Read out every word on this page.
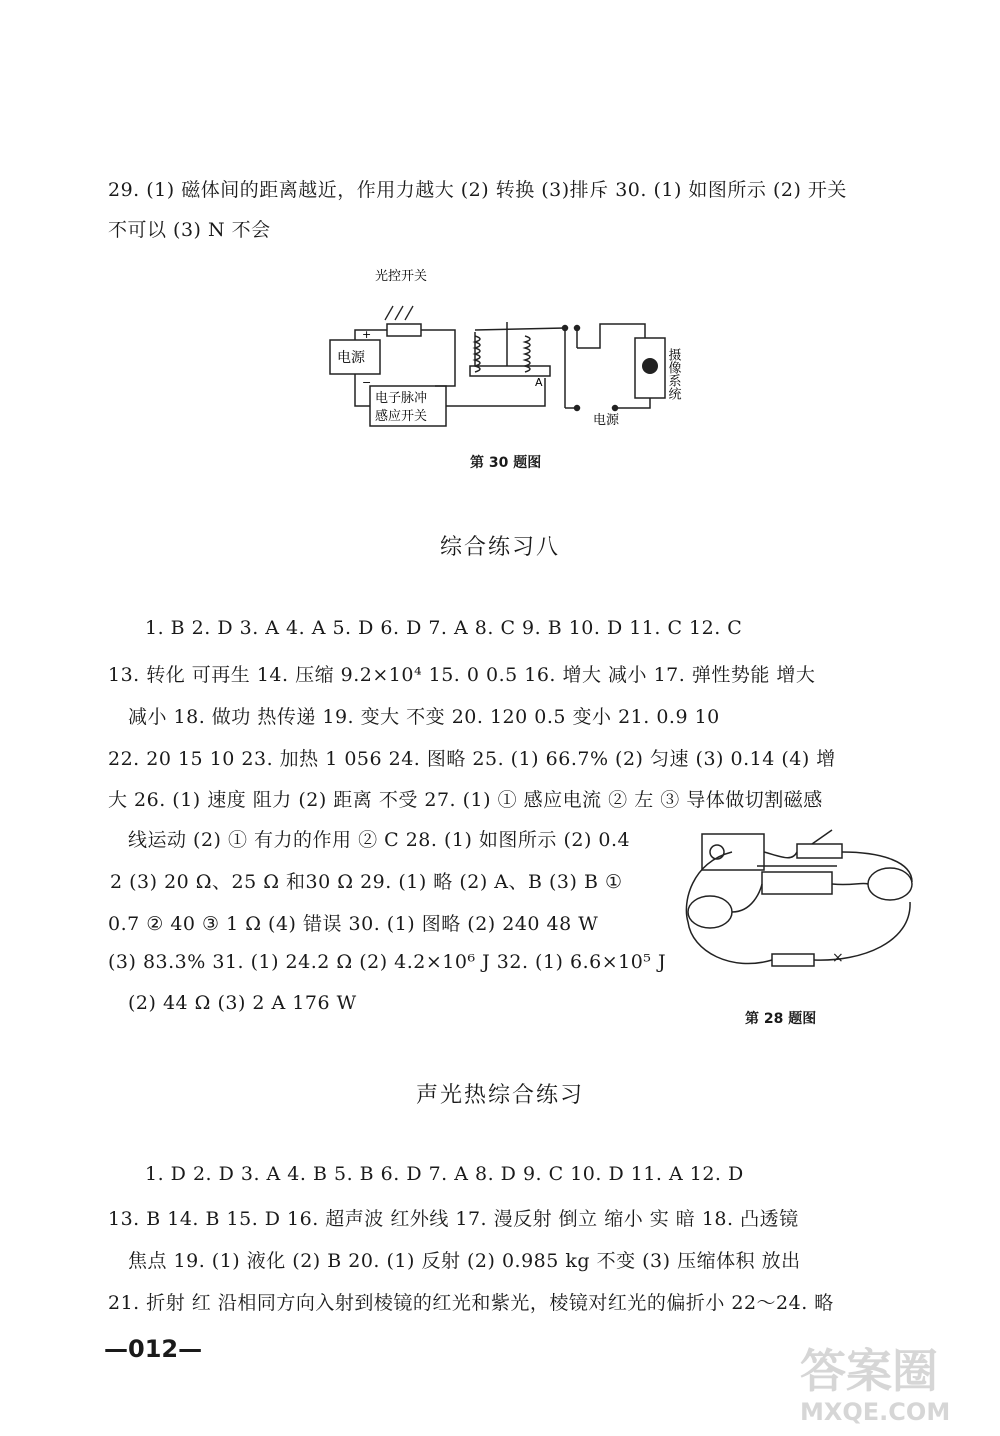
29. (1) 磁体间的距离越近，作用力越大 (2) 转换 (3)排斥 30. (1) 如图所示 (2) 开关
不可以 (3) N 不会
光控开关
电源
+
−
电子脉冲
感应开关
A
电源
摄像系统
第 30 题图
综合练习八
1. B 2. D 3. A 4. A 5. D 6. D 7. A 8. C 9. B 10. D 11. C 12. C
13. 转化 可再生 14. 压缩 9.2×10⁴ 15. 0 0.5 16. 增大 减小 17. 弹性势能 增大
减小 18. 做功 热传递 19. 变大 不变 20. 120 0.5 变小 21. 0.9 10
22. 20 15 10 23. 加热 1 056 24. 图略 25. (1) 66.7% (2) 匀速 (3) 0.14 (4) 增
大 26. (1) 速度 阻力 (2) 距离 不受 27. (1) ① 感应电流 ② 左 ③ 导体做切割磁感
线运动 (2) ① 有力的作用 ② C 28. (1) 如图所示 (2) 0.4
2 (3) 20 Ω、25 Ω 和30 Ω 29. (1) 略 (2) A、B (3) B ①
0.7 ② 40 ③ 1 Ω (4) 错误 30. (1) 图略 (2) 240 48 W
(3) 83.3% 31. (1) 24.2 Ω (2) 4.2×10⁶ J 32. (1) 6.6×10⁵ J
(2) 44 Ω (3) 2 A 176 W
×
第 28 题图
声光热综合练习
1. D 2. D 3. A 4. B 5. B 6. D 7. A 8. D 9. C 10. D 11. A 12. D
13. B 14. B 15. D 16. 超声波 红外线 17. 漫反射 倒立 缩小 实 暗 18. 凸透镜
焦点 19. (1) 液化 (2) B 20. (1) 反射 (2) 0.985 kg 不变 (3) 压缩体积 放出
21. 折射 红 沿相同方向入射到棱镜的红光和紫光，棱镜对红光的偏折小 22～24. 略
—012—	答案圈
MXQE.COM
